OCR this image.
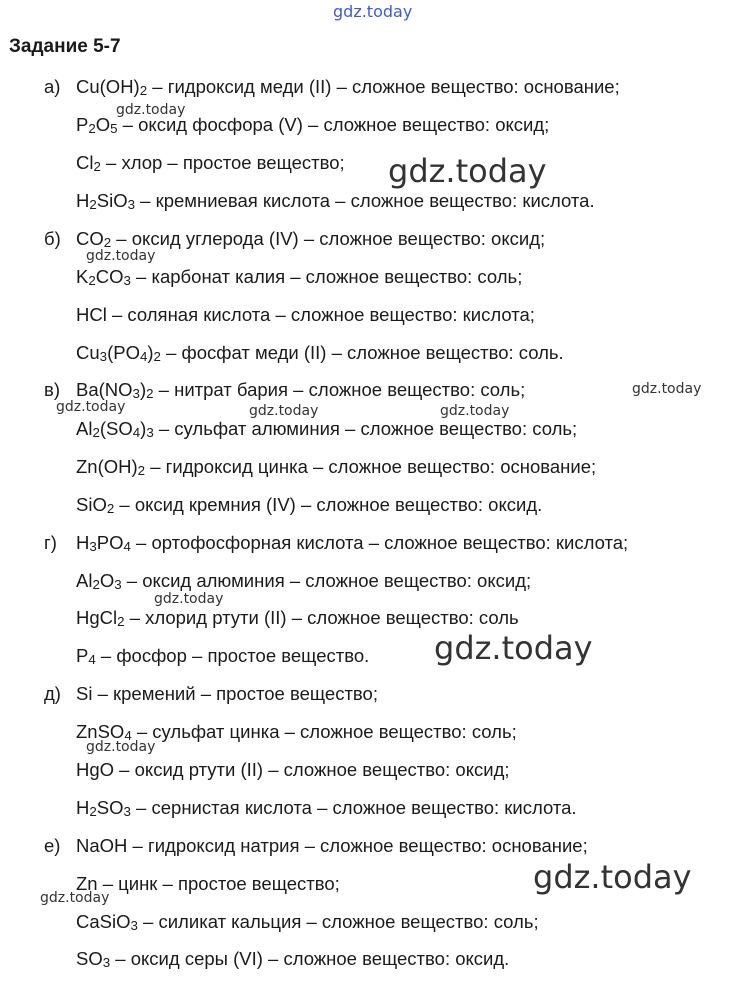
gdz.today
Задание 5-7
а)
б)
в)
г)
д)
е)
$Cu(OH)_2$ – гидроксид меди (II) – сложное вещество: основание;
$P_2O_5$ – оксид фосфора (V) – сложное вещество: оксид;
$Cl_2$ – хлор – простое вещество;
$H_2SiO_3$ – кремниевая кислота – сложное вещество: кислота.
$CO_2$ – оксид углерода (IV) – сложное вещество: оксид;
$K_2CO_3$ – карбонат калия – сложное вещество: соль;
HCl – соляная кислота – сложное вещество: кислота;
$Cu_3(PO_4)_2$ – фосфат меди (II) – сложное вещество: соль.
$Ba(NO_3)_2$ – нитрат бария – сложное вещество: соль;
$Al_2(SO_4)_3$ – сульфат алюминия – сложное вещество: соль;
$Zn(OH)_2$ – гидроксид цинка – сложное вещество: основание;
SiO$_2$ – оксид кремния (IV) – сложное вещество: оксид.
$H_3PO_4$ – ортофосфорная кислота – сложное вещество: кислота;
$Al_2O_3$ – оксид алюминия – сложное вещество: оксид;
HgCl$_2$ – хлорид ртути (II) – сложное вещество: соль
$P_4$ – фосфор – простое вещество.
Si – кремений – простое вещество;
ZnSO$_4$ – сульфат цинка – сложное вещество: соль;
HgO – оксид ртути (II) – сложное вещество: оксид;
$H_2SO_3$ – сернистая кислота – сложное вещество: кислота.
NaOH – гидроксид натрия – сложное вещество: основание;
Zn – цинк – простое вещество;
CaSiO$_3$ – силикат кальция – сложное вещество: соль;
$SO_3$ – оксид серы (VI) – сложное вещество: оксид.
gdz.today
gdz.today
gdz.today
gdz.today
gdz.today	gdz.today	gdz.today
gdz.today
gdz.today
gdz.today
gdz.today
gdz.today
